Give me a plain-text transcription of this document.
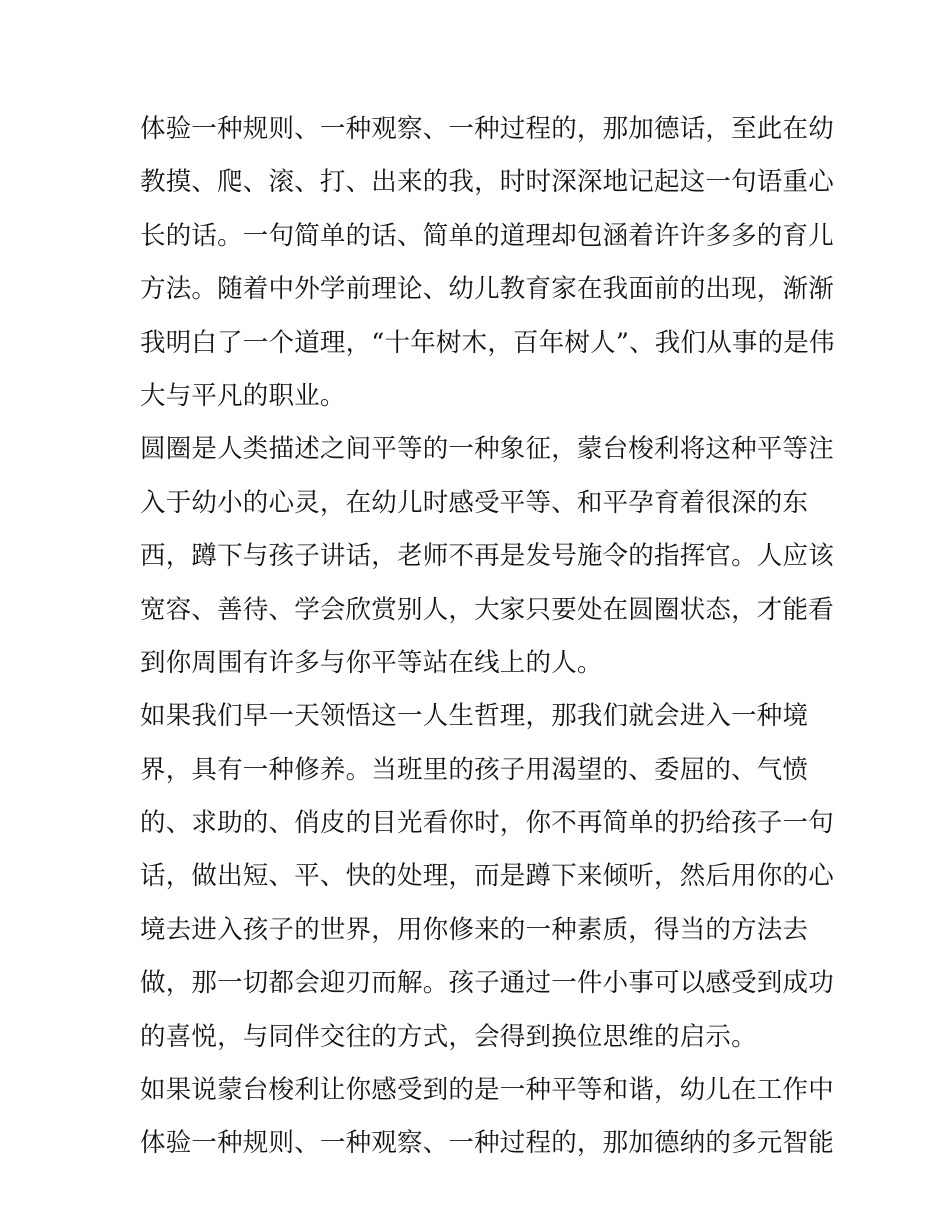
体验一种规则、一种观察、一种过程的，那加德话，至此在幼
教摸、爬、滚、打、出来的我，时时深深地记起这一句语重心
长的话。一句简单的话、简单的道理却包涵着许许多多的育儿
方法。随着中外学前理论、幼儿教育家在我面前的出现，渐渐
我明白了一个道理，“十年树木，百年树人”、我们从事的是伟
大与平凡的职业。
圆圈是人类描述之间平等的一种象征，蒙台梭利将这种平等注
入于幼小的心灵，在幼儿时感受平等、和平孕育着很深的东
西，蹲下与孩子讲话，老师不再是发号施令的指挥官。人应该
宽容、善待、学会欣赏别人，大家只要处在圆圈状态，才能看
到你周围有许多与你平等站在线上的人。
如果我们早一天领悟这一人生哲理，那我们就会进入一种境
界，具有一种修养。当班里的孩子用渴望的、委屈的、气愤
的、求助的、俏皮的目光看你时，你不再简单的扔给孩子一句
话，做出短、平、快的处理，而是蹲下来倾听，然后用你的心
境去进入孩子的世界，用你修来的一种素质，得当的方法去
做，那一切都会迎刃而解。孩子通过一件小事可以感受到成功
的喜悦，与同伴交往的方式，会得到换位思维的启示。
如果说蒙台梭利让你感受到的是一种平等和谐，幼儿在工作中
体验一种规则、一种观察、一种过程的，那加德纳的多元智能
